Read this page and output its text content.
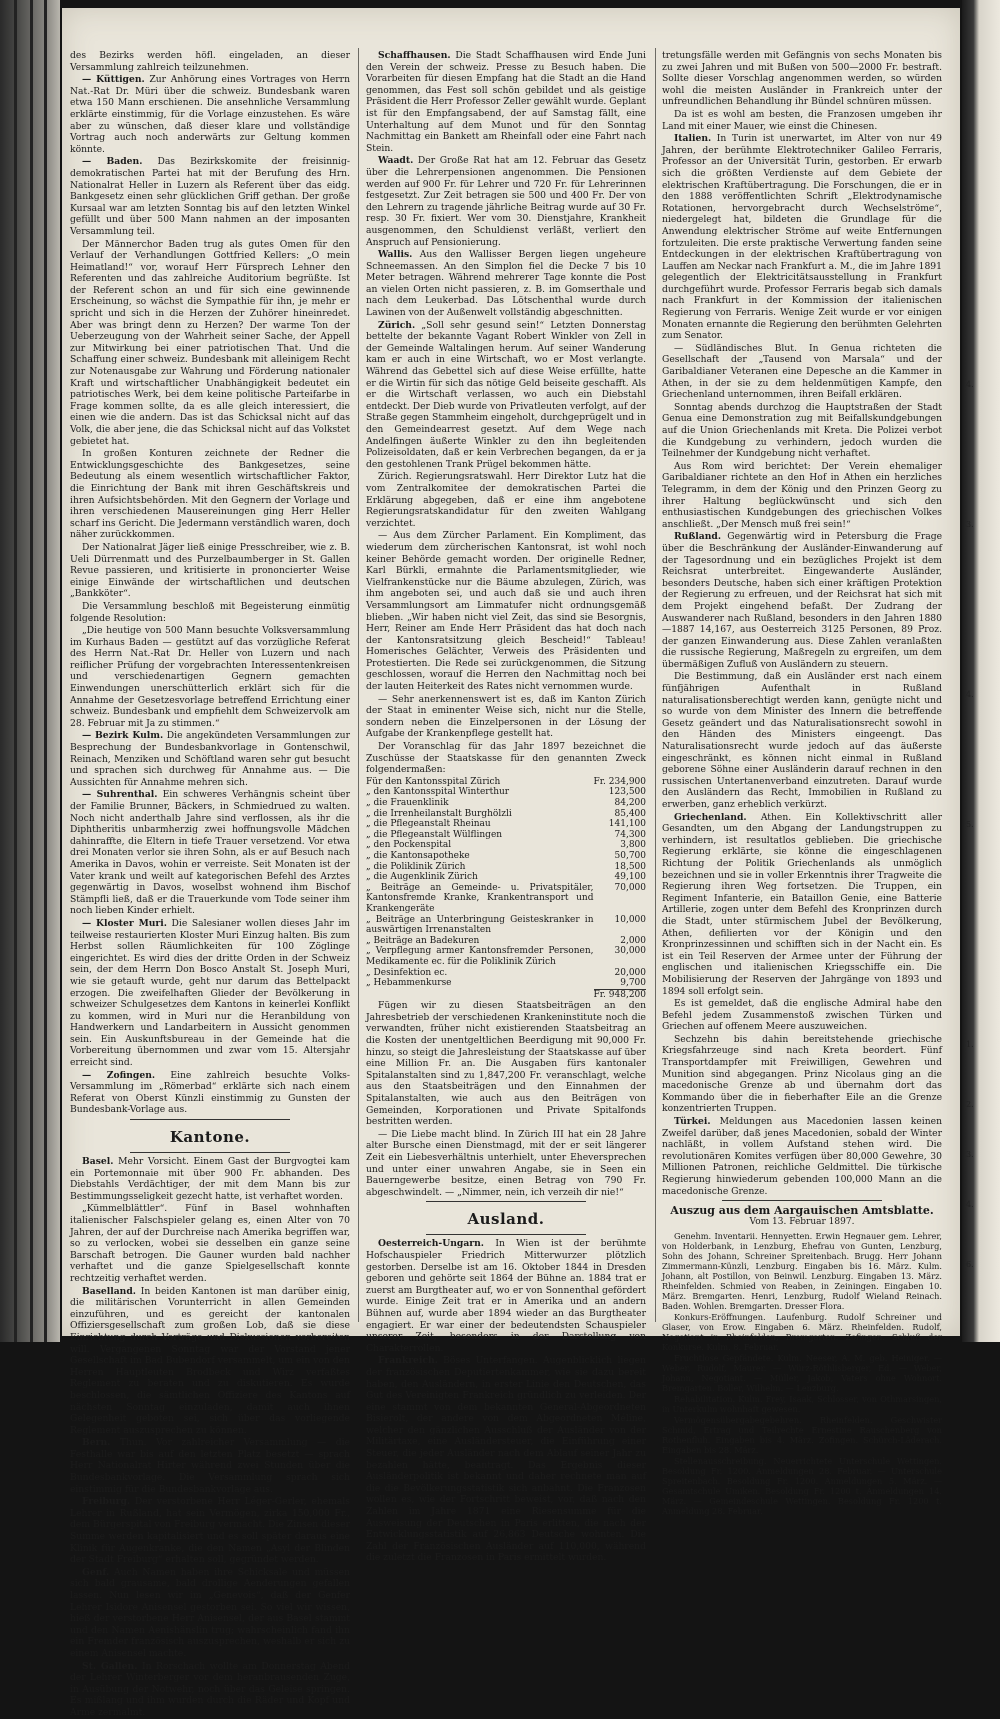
des Bezirks werden höfl. eingeladen, an dieser Versammlung zahlreich teilzunehmen.

— Küttigen. Zur Anhörung eines Vortrages von Herrn Nat.-Rat Dr. Müri über die schweiz. Bundesbank waren etwa 150 Mann erschienen. Die ansehnliche Versammlung erklärte einstimmig, für die Vorlage einzustehen. Es wäre aber zu wünschen, daß dieser klare und vollständige Vortrag auch noch anderwärts zur Geltung kommen könnte.

— Baden. Das Bezirkskomite der freisinnig-demokratischen Partei hat mit der Berufung des Hrn. Nationalrat Heller in Luzern als Referent über das eidg. Bankgesetz einen sehr glücklichen Griff gethan. Der große Kursaal war am letzten Sonntag bis auf den letzten Winkel gefüllt und über 500 Mann nahmen an der imposanten Versammlung teil.

Der Männerchor Baden trug als gutes Omen für den Verlauf der Verhandlungen Gottfried Kellers: „O mein Heimatland!“ vor, worauf Herr Fürsprech Lehner den Referenten und das zahlreiche Auditorium begrüßte. Ist der Referent schon an und für sich eine gewinnende Erscheinung, so wächst die Sympathie für ihn, je mehr er spricht und sich in die Herzen der Zuhörer hineinredet. Aber was bringt denn zu Herzen? Der warme Ton der Ueberzeugung von der Wahrheit seiner Sache, der Appell zur Mitwirkung bei einer patriotischen That. Und die Schaffung einer schweiz. Bundesbank mit alleinigem Recht zur Notenausgabe zur Wahrung und Förderung nationaler Kraft und wirtschaftlicher Unabhängigkeit bedeutet ein patriotisches Werk, bei dem keine politische Parteifarbe in Frage kommen sollte, da es alle gleich interessiert, die einen wie die andern. Das ist das Schicksal nicht auf das Volk, die aber jene, die das Schicksal nicht auf das Volkstet gebietet hat.

In großen Konturen zeichnete der Redner die Entwicklungsgeschichte des Bankgesetzes, seine Bedeutung als einem wesentlich wirtschaftlicher Faktor, die Einrichtung der Bank mit ihren Geschäftskreis und ihren Aufsichtsbehörden. Mit den Gegnern der Vorlage und ihren verschiedenen Mausereinungen ging Herr Heller scharf ins Gericht. Die Jedermann verständlich waren, doch näher zurückkommen.

Der Nationalrat Jäger ließ einige Presschreiber, wie z. B. Ueli Dürrenmatt und des Purzelbaumberger in St. Gallen Revue passieren, und kritisierte in prononcierter Weise einige Einwände der wirtschaftlichen und deutschen „Bankköter“.

Die Versammlung beschloß mit Begeisterung einmütig folgende Resolution:

„Die heutige von 500 Mann besuchte Volksversammlung im Kurhaus Baden — gestützt auf das vorzügliche Referat des Herrn Nat.-Rat Dr. Heller von Luzern und nach reiflicher Prüfung der vorgebrachten Interessentenkreisen und verschiedenartigen Gegnern gemachten Einwendungen unerschütterlich erklärt sich für die Annahme der Gesetzesvorlage betreffend Errichtung einer schweiz. Bundesbank und empfiehlt dem Schweizervolk am 28. Februar mit Ja zu stimmen.“

— Bezirk Kulm. Die angekündeten Versammlungen zur Besprechung der Bundesbankvorlage in Gontenschwil, Reinach, Menziken und Schöftland waren sehr gut besucht und sprachen sich durchweg für Annahme aus. — Die Aussichten für Annahme mehren sich.

— Suhrenthal. Ein schweres Verhängnis scheint über der Familie Brunner, Bäckers, in Schmiedrued zu walten. Noch nicht anderthalb Jahre sind verflossen, als ihr die Diphtheritis unbarmherzig zwei hoffnungsvolle Mädchen dahinraffte, die Eltern in tiefe Trauer versetzend. Vor etwa drei Monaten verlor sie ihren Sohn, als er auf Besuch nach Amerika in Davos, wohin er verreiste. Seit Monaten ist der Vater krank und weilt auf kategorischen Befehl des Arztes gegenwärtig in Davos, woselbst wohnend ihm Bischof Stämpfli ließ, daß er die Trauerkunde vom Tode seiner ihm noch lieben Kinder erhielt.

— Kloster Muri. Die Salesianer wollen dieses Jahr im teilweise restaurierten Kloster Muri Einzug halten. Bis zum Herbst sollen Räumlichkeiten für 100 Zöglinge eingerichtet. Es wird dies der dritte Orden in der Schweiz sein, der dem Herrn Don Bosco Anstalt St. Joseph Muri, wie sie getauft wurde, geht nur darum das Bettelpackt erzogen. Die zweifelhaften Glieder der Bevölkerung in schweizer Schulgesetzes dem Kantons in keinerlei Konflikt zu kommen, wird in Muri nur die Heranbildung von Handwerkern und Landarbeitern in Aussicht genommen sein. Ein Auskunftsbureau in der Gemeinde hat die Vorbereitung übernommen und zwar vom 15. Altersjahr erreicht sind.

— Zofingen. Eine zahlreich besuchte Volks-Versammlung im „Römerbad“ erklärte sich nach einem Referat von Oberst Künzli einstimmig zu Gunsten der Bundesbank-Vorlage aus.

Kantone.

Basel. Mehr Vorsicht. Einem Gast der Burgvogtei kam ein Portemonnaie mit über 900 Fr. abhanden. Des Diebstahls Verdächtiger, der mit dem Mann bis zur Bestimmungsseligkeit gezecht hatte, ist verhaftet worden.

„Kümmelblättler“. Fünf in Basel wohnhaften italienischer Falschspieler gelang es, einen Alter von 70 Jahren, der auf der Durchreise nach Amerika begriffen war, so zu verlocken, wobei sie desselben ein ganze seine Barschaft betrogen. Die Gauner wurden bald nachher verhaftet und die ganze Spielgesellschaft konnte rechtzeitig verhaftet werden.

Baselland. In beiden Kantonen ist man darüber einig, die militärischen Vorunterricht in allen Gemeinden einzuführen, und es gereicht der kantonalen Offiziersgesellschaft zum großen Lob, daß sie diese Einrichtung durch Vorträge und Diskussionen vorbereiten will. Vergangenen Sonntag war der Vorstand jener Gesellschaft im Bad Bubendorf versammelt, um ein von den Herren Hauptleuten Brodbeck und Wirz verfaßtes Reglement zu beraten und zu diskutieren. Es wurde beschlossen, die sämtlichen Offiziere des Kantons auf nächsten Sonntag einzuladen, damit auch ihnen Gelegenheit geboten sei, sich über das vorliegende Reglement auszusprechen zu können.

Bern. Thun. Vor zahlreicher Versammlung — die Festhalle war bis auf den letzten Platz besetzt — sprach Herr Nationalrat Hirter während zwei Stunden über die Bundesbankvorlage. Die Versammlung sprach sich einstimmig für die Bundesbankvorlage aus.

Freiburg. Der verstorbene Herr Léger-Gerler, ehemals Lehrer in Rußland, hat sein Vermögen, zirka 150,000 Fr., dem Bürgerspital von Freiburg vermacht. Die Zinsen dieser Summe werden kapitalisiert und es soll später daraus eine Klinik für Augenkranke, die den Namen „Asyl der Blinden der Stadt Freiburg“ erhalten soll, gegründet werden.

Genf. Auch Namen haben ihre Schicksale und müssen sich bald grausame, bald drollige Aenderungen gefallen lassen. Nun lesen wir im „Genevois“, daß der Genfer Lehrer Isidore Anisensel gestorben sei. So viel wir wissen, hieß der verstorbene Herr Anisensel, der aus Basel stammt und den Namen Aenishänslin trug; wahrscheinlich fand ihn ein Fremder französisch auszusprechen, weshalb er sich zu einem Anisensel machte.

St. Gallen. In Rorschach wollte am Donnerstag Abend der Lehrer Winterberger vor dem heranbrausenden Zuge, in Ausübung der Notwehr, noch über das Geleise springen. Es mißlang und ihm wurden durch die Räder und Kopf und Arme zermalmt.

Schaffhausen. Die Stadt Schaffhausen wird Ende Juni den Verein der schweiz. Presse zu Besuch haben. Die Vorarbeiten für diesen Empfang hat die Stadt an die Hand genommen, das Fest soll schön gebildet und als geistige Präsident die Herr Professor Zeller gewählt wurde. Geplant ist für den Empfangsabend, der auf Samstag fällt, eine Unterhaltung auf dem Munot und für den Sonntag Nachmittag ein Bankett am Rheinfall oder eine Fahrt nach Stein.

Waadt. Der Große Rat hat am 12. Februar das Gesetz über die Lehrerpensionen angenommen. Die Pensionen werden auf 900 Fr. für Lehrer und 720 Fr. für Lehrerinnen festgesetzt. Zur Zeit betragen sie 500 und 400 Fr. Der von den Lehrern zu tragende jährliche Beitrag wurde auf 30 Fr. resp. 30 Fr. fixiert. Wer vom 30. Dienstjahre, Krankheit ausgenommen, den Schuldienst verläßt, verliert den Anspruch auf Pensionierung.

Wallis. Aus den Wallisser Bergen liegen ungeheure Schneemassen. An den Simplon fiel die Decke 7 bis 10 Meter betragen. Während mehrerer Tage konnte die Post an vielen Orten nicht passieren, z. B. im Gomserthale und nach dem Leukerbad. Das Lötschenthal wurde durch Lawinen von der Außenwelt vollständig abgeschnitten.

Zürich. „Soll sehr gesund sein!“ Letzten Donnerstag bettelte der bekannte Vagant Robert Winkler von Zell in der Gemeinde Waltalingen herum. Auf seiner Wanderung kam er auch in eine Wirtschaft, wo er Most verlangte. Während das Gebettel sich auf diese Weise erfüllte, hatte er die Wirtin für sich das nötige Geld beiseite geschafft. Als er die Wirtschaft verlassen, wo auch ein Diebstahl entdeckt. Der Dieb wurde von Privatleuten verfolgt, auf der Straße gegen Stammheim eingeholt, durchgeprügelt und in den Gemeindearrest gesetzt. Auf dem Wege nach Andelfingen äußerte Winkler zu den ihn begleitenden Polizeisoldaten, daß er kein Verbrechen begangen, da er ja den gestohlenen Trank Prügel bekommen hätte.

Zürich. Regierungsratswahl. Herr Direktor Lutz hat die vom Zentralkomitee der demokratischen Partei die Erklärung abgegeben, daß er eine ihm angebotene Regierungsratskandidatur für den zweiten Wahlgang verzichtet.

— Aus dem Zürcher Parlament. Ein Kompliment, das wiederum dem zürcherischen Kantonsrat, ist wohl noch keiner Behörde gemacht worden. Der originelle Redner, Karl Bürkli, ermahnte die Parlamentsmitglieder, wie Vielfrankenstücke nur die Bäume abzulegen, Zürich, was ihm angeboten sei, und auch daß sie und auch ihren Versammlungsort am Limmatufer nicht ordnungsgemäß blieben. „Wir haben nicht viel Zeit, das sind sie Besorgnis, Herr, Reiner am Ende Herr Präsident das hat doch nach der Kantonsratsitzung gleich Bescheid!“ Tableau! Homerisches Gelächter, Verweis des Präsidenten und Protestierten. Die Rede sei zurückgenommen, die Sitzung geschlossen, worauf die Herren den Nachmittag noch bei der lauten Heiterkeit des Rates nicht vernommen wurde.

— Sehr anerkennenswert ist es, daß im Kanton Zürich der Staat in eminenter Weise sich, nicht nur die Stelle, sondern neben die Einzelpersonen in der Lösung der Aufgabe der Krankenpflege gestellt hat.

Der Voranschlag für das Jahr 1897 bezeichnet die Zuschüsse der Staatskasse für den genannten Zweck folgendermaßen:

Für den Kantonsspital Zürich	Fr. 234,900
„ den Kantonsspital Winterthur	123,500
„ die Frauenklinik	84,200
„ die Irrenheilanstalt Burghölzli	85,400
„ die Pflegeanstalt Rheinau	141,100
„ die Pflegeanstalt Wülflingen	74,300
„ den Pockenspital	3,800
„ die Kantonsapotheke	50,700
„ die Poliklinik Zürich	18,500
„ die Augenklinik Zürich	49,100
„ Beiträge an Gemeinde- u. Privatspitäler, Kantonsfremde Kranke, Krankentransport und Krankengeräte	70,000
„ Beiträge an Unterbringung Geisteskranker in auswärtigen Irrenanstalten	10,000
„ Beiträge an Badekuren	2,000
„ Verpflegung armer Kantonsfremder Personen, Medikamente ec. für die Poliklinik Zürich	30,000
„ Desinfektion ec.	20,000
„ Hebammenkurse	9,700
	Fr. 948,200

Fügen wir zu diesen Staatsbeiträgen an den Jahresbetrieb der verschiedenen Krankeninstitute noch die verwandten, früher nicht existierenden Staatsbeitrag an die Kosten der unentgeltlichen Beerdigung mit 90,000 Fr. hinzu, so steigt die Jahresleistung der Staatskasse auf über eine Million Fr. an. Die Ausgaben fürs kantonaler Spitalanstalten sind zu 1,847,200 Fr. veranschlagt, welche aus den Staatsbeiträgen und den Einnahmen der Spitalanstalten, wie auch aus den Beiträgen von Gemeinden, Korporationen und Private Spitalfonds bestritten werden.

— Die Liebe macht blind. In Zürich III hat ein 28 Jahre alter Bursche einen Dienstmagd, mit der er seit längerer Zeit ein Liebesverhältnis unterhielt, unter Eheversprechen und unter einer unwahren Angabe, sie in Seen ein Bauerngewerbe besitze, einen Betrag von 790 Fr. abgeschwindelt. — „Nimmer, nein, ich verzeih dir nie!“

Ausland.

Oesterreich-Ungarn. In Wien ist der berühmte Hofschauspieler Friedrich Mitterwurzer plötzlich gestorben. Derselbe ist am 16. Oktober 1844 in Dresden geboren und gehörte seit 1864 der Bühne an. 1884 trat er zuerst am Burgtheater auf, wo er von Sonnenthal gefördert wurde. Einige Zeit trat er in Amerika und an andern Bühnen auf, wurde aber 1894 wieder an das Burgtheater engagiert. Er war einer der bedeutendsten Schauspieler unserer Zeit, besonders in der Darstellung von Charakterrollen.

Frankreich. Böses Unterfangen. Augenblicklich liegen der französischen Deputiertenkammer, wie sie dazu bereit haben, den Ausländern, in erster Linie den Deutschen, das Gut des Vereinigten Frankreich gründlich zu verleiden. Der eine stammt von dem bekannten General-Abgeordneten Bisierolt, der andere von dem Abgeordneten Méline, welcher den gänzlichen Ausschluß der Ausländer von der Militärtaxe, eine Ausländersteuer, die Einführung einer Steuer, die jeder Ausländer nach dem Ablauf seiner Jahr zu bezahlen hätte, beantragt. Das Ergebnis dieser Ausländerpolitik ist bekannt und daher rechnete man auf die die Bevölkerungsstatistik sich anbahnt. Die Franzosen wollen es, wie der Fortschritt beweist, vor, daß nach den Zahlen im Jahre 1871 eine Riesensumme für die Ausweisung der Deutschen in Paris erlitten, die nach der Entwicklungsstatistik auf 26,863 Deutsche wohnten. Die Zahl der Französischen Ausländer auf 110,000, während die zuletzt die Franzosen in Paris ermittelt wurden.

tretungsfälle werden mit Gefängnis von sechs Monaten bis zu zwei Jahren und mit Bußen von 500—2000 Fr. bestraft. Sollte dieser Vorschlag angenommen werden, so würden wohl die meisten Ausländer in Frankreich unter der unfreundlichen Behandlung ihr Bündel schnüren müssen.

Da ist es wohl am besten, die Franzosen umgeben ihr Land mit einer Mauer, wie einst die Chinesen.

Italien. In Turin ist unerwartet, im Alter von nur 49 Jahren, der berühmte Elektrotechniker Galileo Ferraris, Professor an der Universität Turin, gestorben. Er erwarb sich die größten Verdienste auf dem Gebiete der elektrischen Kraftübertragung. Die Forschungen, die er in den 1888 veröffentlichten Schrift „Elektrodynamische Rotationen, hervorgebracht durch Wechselströme“, niedergelegt hat, bildeten die Grundlage für die Anwendung elektrischer Ströme auf weite Entfernungen fortzuleiten. Die erste praktische Verwertung fanden seine Entdeckungen in der elektrischen Kraftübertragung von Lauffen am Neckar nach Frankfurt a. M., die im Jahre 1891 gelegentlich der Elektricitätsausstellung in Frankfurt durchgeführt wurde. Professor Ferraris begab sich damals nach Frankfurt in der Kommission der italienischen Regierung von Ferraris. Wenige Zeit wurde er vor einigen Monaten ernannte die Regierung den berühmten Gelehrten zum Senator.

— Südländisches Blut. In Genua richteten die Gesellschaft der „Tausend von Marsala“ und der Garibaldianer Veteranen eine Depesche an die Kammer in Athen, in der sie zu dem heldenmütigen Kampfe, den Griechenland unternommen, ihren Beifall erklären.

Sonntag abends durchzog die Hauptstraßen der Stadt Genua eine Demonstration zug mit Beifallskundgebungen auf die Union Griechenlands mit Kreta. Die Polizei verbot die Kundgebung zu verhindern, jedoch wurden die Teilnehmer der Kundgebung nicht verhaftet.

Aus Rom wird berichtet: Der Verein ehemaliger Garibaldianer richtete an den Hof in Athen ein herzliches Telegramm, in dem der König und den Prinzen Georg zu ihrer Haltung beglückwünscht und sich den enthusiastischen Kundgebungen des griechischen Volkes anschließt. „Der Mensch muß frei sein!“

Rußland. Gegenwärtig wird in Petersburg die Frage über die Beschränkung der Ausländer-Einwanderung auf der Tagesordnung und ein bezügliches Projekt ist dem Reichsrat unterbreitet. Eingewanderte Ausländer, besonders Deutsche, haben sich einer kräftigen Protektion der Regierung zu erfreuen, und der Reichsrat hat sich mit dem Projekt eingehend befaßt. Der Zudrang der Auswanderer nach Rußland, besonders in den Jahren 1880—1887 14,167, aus Oesterreich 3125 Personen, 89 Proz. der ganzen Einwanderung aus. Diese Zahlen veranlaßten die russische Regierung, Maßregeln zu ergreifen, um dem übermäßigen Zufluß von Ausländern zu steuern.

Die Bestimmung, daß ein Ausländer erst nach einem fünfjährigen Aufenthalt in Rußland naturalisationsberechtigt werden kann, genügte nicht und so wurde von dem Minister des Innern die betreffende Gesetz geändert und das Naturalisationsrecht sowohl in den Händen des Ministers eingeengt. Das Naturalisationsrecht wurde jedoch auf das äußerste eingeschränkt, es können nicht einmal in Rußland geborene Söhne einer Ausländerin darauf rechnen in den russischen Untertanenverband einzutreten. Darauf wurde den Ausländern das Recht, Immobilien in Rußland zu erwerben, ganz erheblich verkürzt.

Griechenland. Athen. Ein Kollektivschritt aller Gesandten, um den Abgang der Landungstruppen zu verhindern, ist resultatlos geblieben. Die griechische Regierung erklärte, sie könne die eingeschlagenen Richtung der Politik Griechenlands als unmöglich bezeichnen und sie in voller Erkenntnis ihrer Tragweite die Regierung ihren Weg fortsetzen. Die Truppen, ein Regiment Infanterie, ein Bataillon Genie, eine Batterie Artillerie, zogen unter dem Befehl des Kronprinzen durch die Stadt, unter stürmischem Jubel der Bevölkerung, Athen, defilierten vor der Königin und den Kronprinzessinnen und schifften sich in der Nacht ein. Es ist ein Teil Reserven der Armee unter der Führung der englischen und italienischen Kriegsschiffe ein. Die Mobilisierung der Reserven der Jahrgänge von 1893 und 1894 soll erfolgt sein.

Es ist gemeldet, daß die englische Admiral habe den Befehl jedem Zusammenstoß zwischen Türken und Griechen auf offenem Meere auszuweichen.

Sechzehn bis dahin bereitstehende griechische Kriegsfahrzeuge sind nach Kreta beordert. Fünf Transportdampfer mit Freiwilligen, Gewehren und Munition sind abgegangen. Prinz Nicolaus ging an die macedonische Grenze ab und übernahm dort das Kommando über die in fieberhafter Eile an die Grenze konzentrierten Truppen.

Türkei. Meldungen aus Macedonien lassen keinen Zweifel darüber, daß jenes Macedonien, sobald der Winter nachläßt, in vollem Aufstand stehen wird. Die revolutionären Komites verfügen über 80,000 Gewehre, 30 Millionen Patronen, reichliche Geldmittel. Die türkische Regierung hinwiederum gebenden 100,000 Mann an die macedonische Grenze.

Auszug aus dem Aargauischen Amtsblatte.
Vom 13. Februar 1897.

Genehm. Inventarii. Hennyetten. Erwin Hegnauer gem. Lehrer, von Holderbank, in Lenzburg, Ehefrau von Gunten, Lenzburg, Sohn des Johann, Schreiner Spreitenbach. Brugg. Herr Johann Zimmermann-Künzli, Lenzburg. Eingaben bis 16. März. Kulm. Johann, alt Postillon, von Beinwil. Lenzburg. Eingaben 13. März. Rheinfelden. Schmied von Reaben, in Zeiningen. Eingaben 10. März. Bremgarten. Henri, Lenzburg, Rudolf Wieland Reinach. Baden. Wohlen. Bremgarten. Dresser Flora.

Konkurs-Eröffnungen. Laufenburg. Rudolf Schreiner und Glaser, von Erow. Eingaben 6. März. Rheinfelden. Rudolf, Negotiant in Rheinfelden, Bremgarten. Zofingen. Schluß der Konkurse. Kulm. 8. Februar.

Fruchtlose Gepfändete. Kulm. Neeser, A. M. geb. Heiniger. — Weber, Rudolf, Maurer. — Würz-Röthlisberger, Ed. — Weber, Johann, Negotiant. — Müller, Jakob, Vaters ohne Wohnort. Bremgarten. Boller, Wilhelm. — Lenzburg.

Rehabilitation. Kulm. Frey, Isaak, Schlosser, von Othmarsingen, in Unterkulm wohnhaft gewesen.

Vermögensübergabegebehren. Rheinfelden. Geschwister Schmid, Ertrag und Teilrechte Ernestine Rauschenberg von Rothenfluh. Eingaben bis 4. März. Zofingen. Schürch-Läderach. Eingaben bis 28. März.

Stellenausschreibung. Neuerrichtete Unterschule Wettingen. Besoldung Fr. 1200. Anmeldungen 28. Februar. — Unterschule Spreitenbach. Besoldung Fr. 1200. Anmeldungen 5. März. — Gesamtschule Umiken. Besoldung Fr. 1200 t. Anmeldungen 14. März. — Gemeindeschule Wettingen. Besoldung Fr. 1200 t. Anmeldung 28. Februar.

4.
3.
4.
5.
1.
2.
3.
4.
6.
